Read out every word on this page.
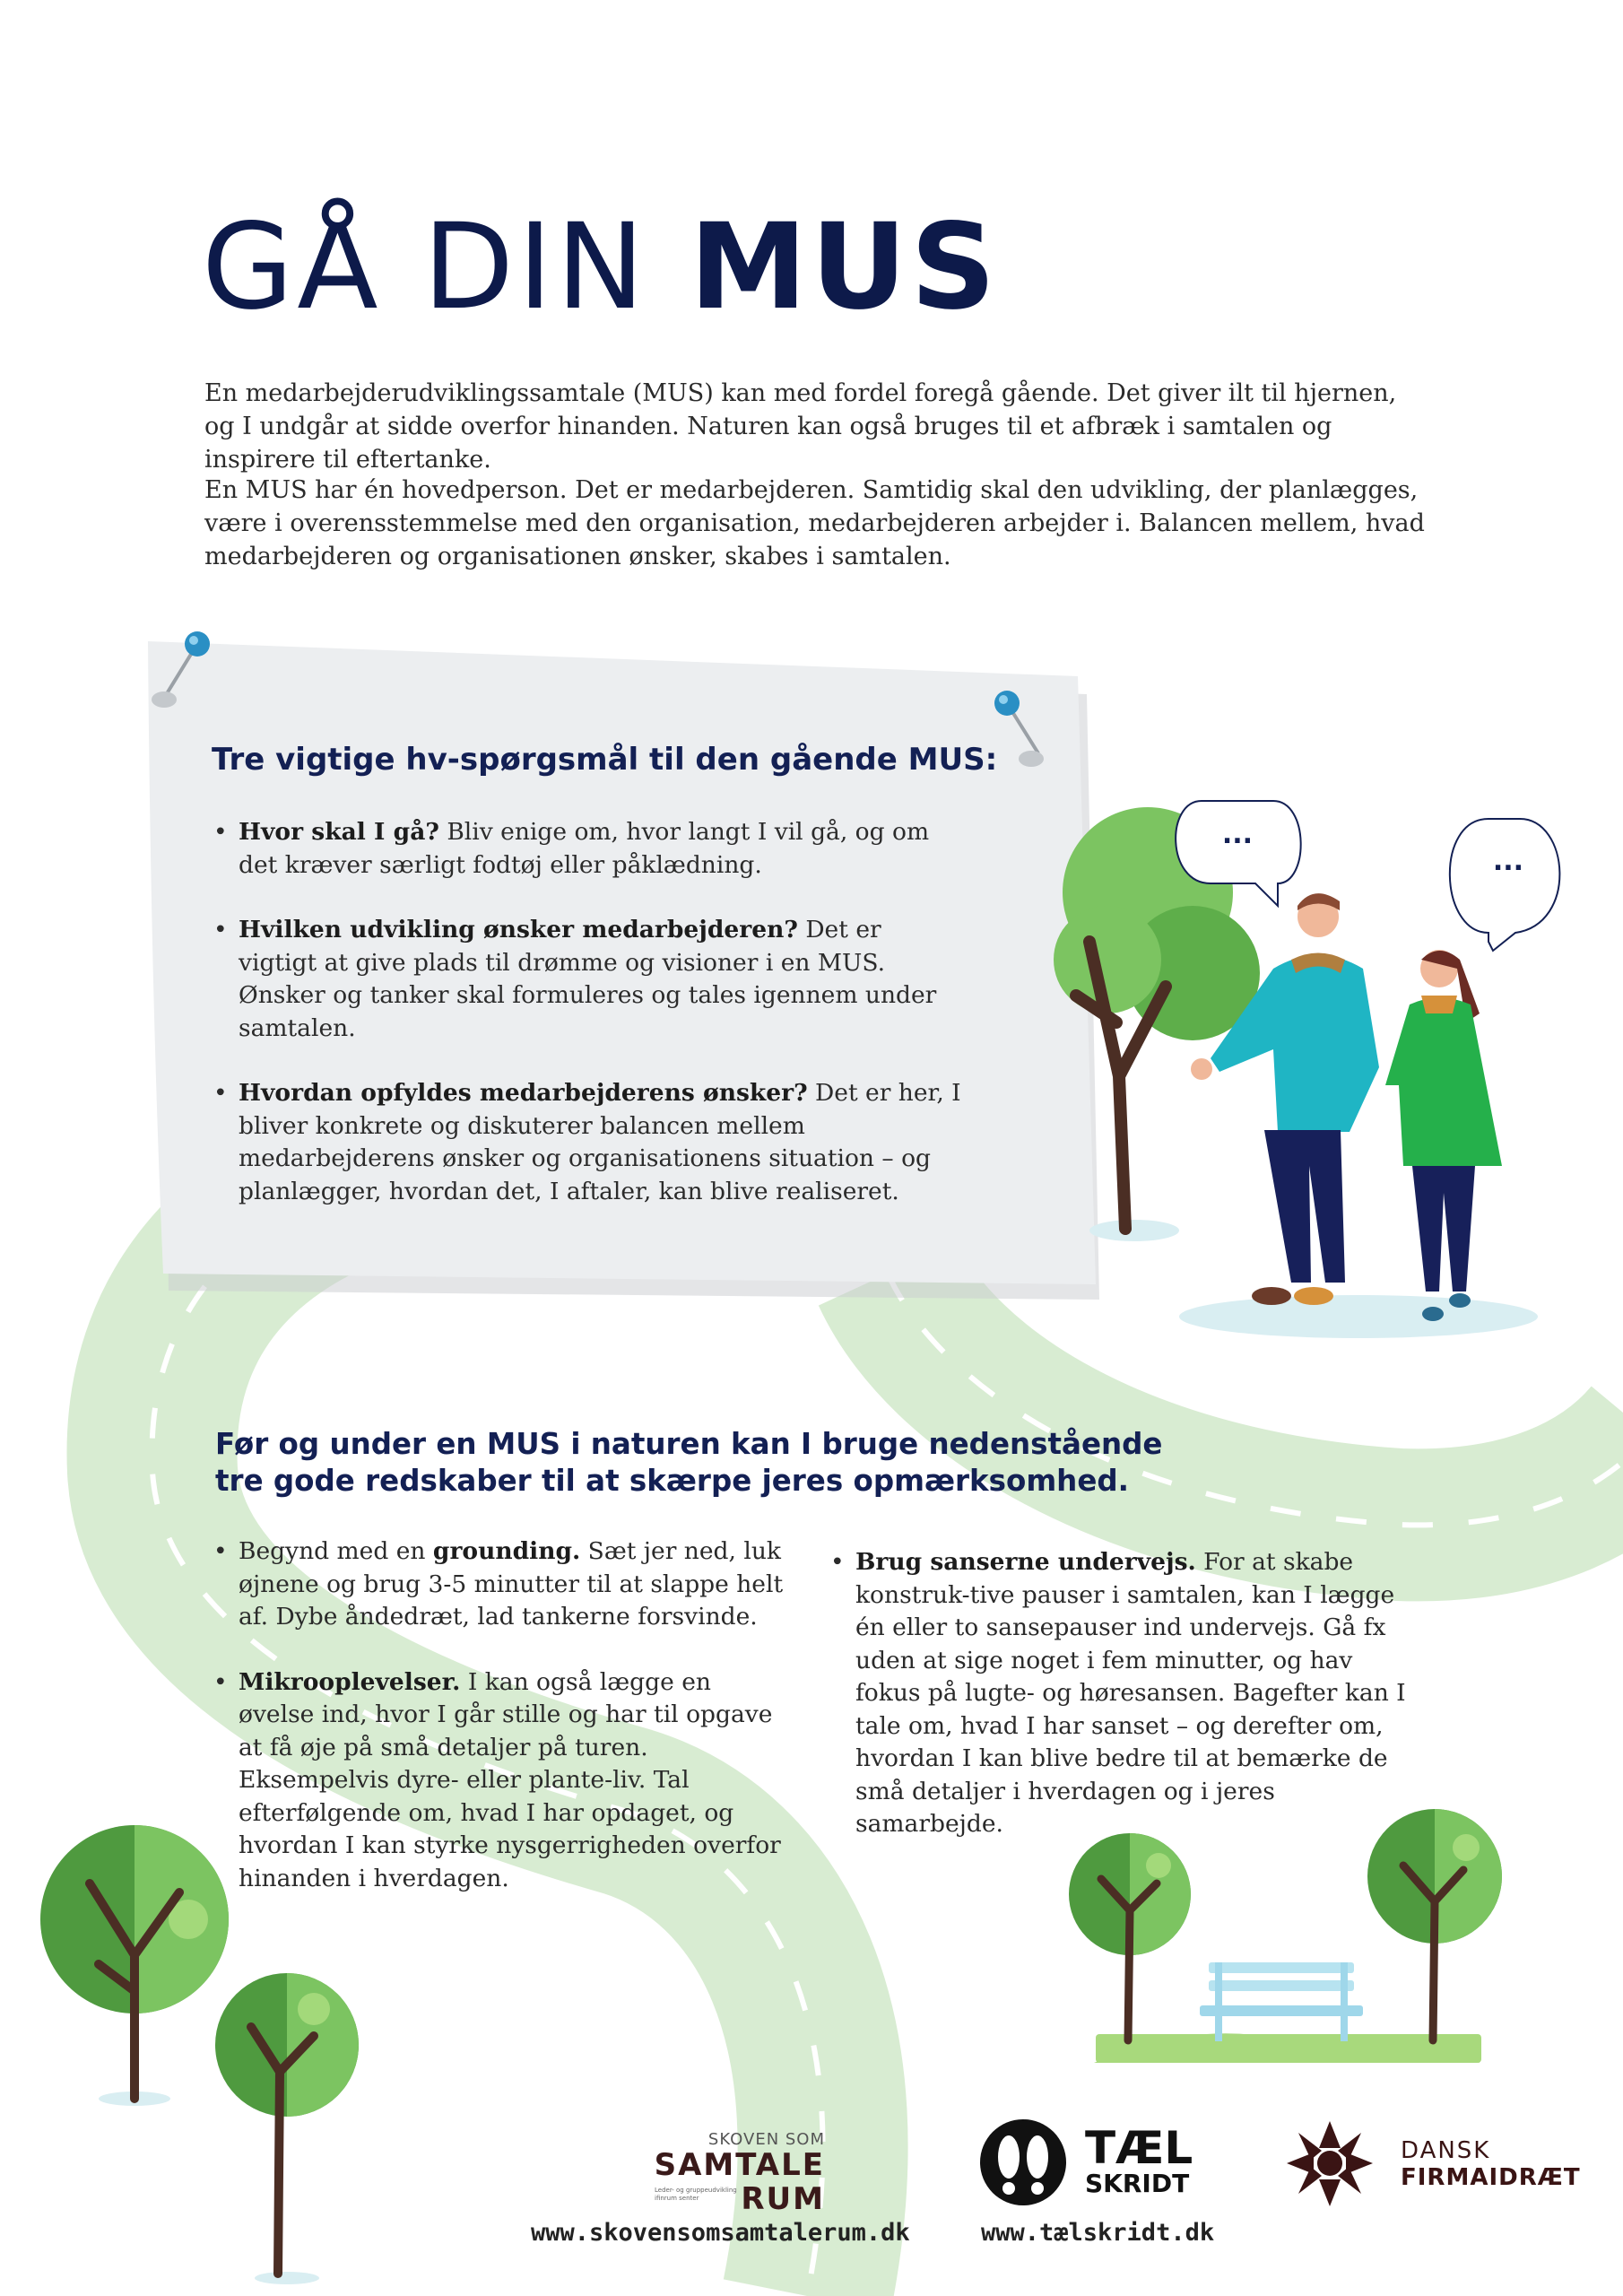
GÅ DIN MUS

En medarbejderudviklingssamtale (MUS) kan med fordel foregå gående. Det giver ilt til hjernen, og I undgår at sidde overfor hinanden. Naturen kan også bruges til et afbræk i samtalen og inspirere til eftertanke.

En MUS har én hovedperson. Det er medarbejderen. Samtidig skal den udvikling, der planlægges, være i overensstemmelse med den organisation, medarbejderen arbejder i. Balancen mellem, hvad medarbejderen og organisationen ønsker, skabes i samtalen.

Tre vigtige hv-spørgsmål til den gående MUS:
• Hvor skal I gå? Bliv enige om, hvor langt I vil gå, og om det kræver særligt fodtøj eller påklædning.
• Hvilken udvikling ønsker medarbejderen? Det er vigtigt at give plads til drømme og visioner i en MUS. Ønsker og tanker skal formuleres og tales igennem under samtalen.
• Hvordan opfyldes medarbejderens ønsker? Det er her, I bliver konkrete og diskuterer balancen mellem medarbejderens ønsker og organisationens situation – og planlægger, hvordan det, I aftaler, kan blive realiseret.
...
...
Før og under en MUS i naturen kan I bruge nedenstående
tre gode redskaber til at skærpe jeres opmærksomhed.
• Begynd med en grounding. Sæt jer ned, luk øjnene og brug 3-5 minutter til at slappe helt af. Dybe åndedræt, lad tankerne forsvinde.
• Mikrooplevelser. I kan også lægge en øvelse ind, hvor I går stille og har til opgave at få øje på små detaljer på turen. Eksempelvis dyre- eller plante-liv. Tal efterfølgende om, hvad I har opdaget, og hvordan I kan styrke nysgerrigheden overfor hinanden i hverdagen.
• Brug sanserne undervejs. For at skabe konstruk-tive pauser i samtalen, kan I lægge én eller to sansepauser ind undervejs. Gå fx uden at sige noget i fem minutter, og hav fokus på lugte- og høresansen. Bagefter kan I tale om, hvad I har sanset – og derefter om, hvordan I kan blive bedre til at bemærke de små detaljer i hverdagen og i jeres samarbejde.
SKOVEN SOM
SAMTALE
Leder- og gruppeudvikling
ifinrum senter	RUM
www.skovensomsamtalerum.dk
TÆL
SKRIDT
www.tælskridt.dk
DANSK
FIRMAIDRÆT
